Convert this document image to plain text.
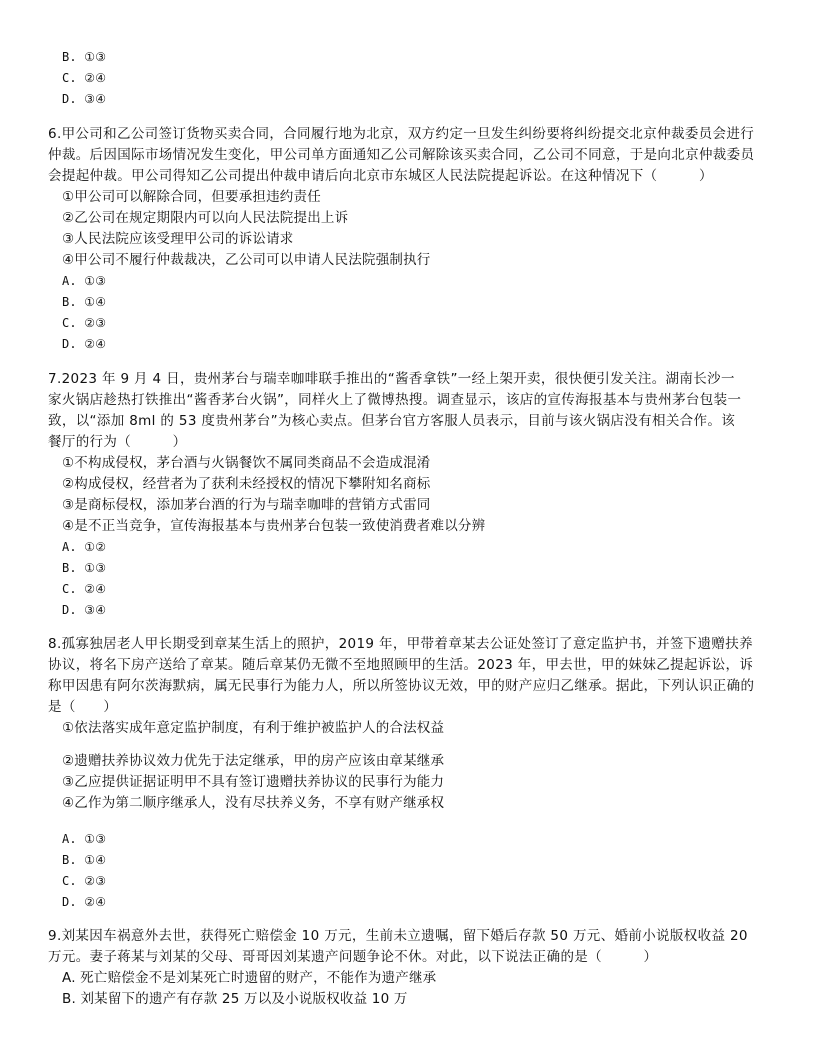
B. ①③
C. ②④
D. ③④
6.甲公司和乙公司签订货物买卖合同，合同履行地为北京，双方约定一旦发生纠纷要将纠纷提交北京仲裁委员会进行
仲裁。后因国际市场情况发生变化，甲公司单方面通知乙公司解除该买卖合同，乙公司不同意，于是向北京仲裁委员
会提起仲裁。甲公司得知乙公司提出仲裁申请后向北京市东城区人民法院提起诉讼。在这种情况下（　　　）
①甲公司可以解除合同，但要承担违约责任
②乙公司在规定期限内可以向人民法院提出上诉
③人民法院应该受理甲公司的诉讼请求
④甲公司不履行仲裁裁决，乙公司可以申请人民法院强制执行
A. ①③
B. ①④
C. ②③
D. ②④
7.2023 年 9 月 4 日，贵州茅台与瑞幸咖啡联手推出的“酱香拿铁”一经上架开卖，很快便引发关注。湖南长沙一
家火锅店趁热打铁推出“酱香茅台火锅”，同样火上了微博热搜。调查显示，该店的宣传海报基本与贵州茅台包装一
致，以“添加 8ml 的 53 度贵州茅台”为核心卖点。但茅台官方客服人员表示，目前与该火锅店没有相关合作。该
餐厅的行为（　　　）
①不构成侵权，茅台酒与火锅餐饮不属同类商品不会造成混淆
②构成侵权，经营者为了获利未经授权的情况下攀附知名商标
③是商标侵权，添加茅台酒的行为与瑞幸咖啡的营销方式雷同
④是不正当竞争，宣传海报基本与贵州茅台包装一致使消费者难以分辨
A. ①②
B. ①③
C. ②④
D. ③④
8.孤寡独居老人甲长期受到章某生活上的照护，2019 年，甲带着章某去公证处签订了意定监护书，并签下遗赠扶养
协议，将名下房产送给了章某。随后章某仍无微不至地照顾甲的生活。2023 年，甲去世，甲的妹妹乙提起诉讼，诉
称甲因患有阿尔茨海默病，属无民事行为能力人，所以所签协议无效，甲的财产应归乙继承。据此，下列认识正确的
是（　　）
①依法落实成年意定监护制度，有利于维护被监护人的合法权益
②遗赠扶养协议效力优先于法定继承，甲的房产应该由章某继承
③乙应提供证据证明甲不具有签订遗赠扶养协议的民事行为能力
④乙作为第二顺序继承人，没有尽扶养义务，不享有财产继承权
A. ①③
B. ①④
C. ②③
D. ②④
9.刘某因车祸意外去世，获得死亡赔偿金 10 万元，生前未立遗嘱，留下婚后存款 50 万元、婚前小说版权收益 20
万元。妻子蒋某与刘某的父母、哥哥因刘某遗产问题争论不休。对此，以下说法正确的是（　　　）
A. 死亡赔偿金不是刘某死亡时遗留的财产，不能作为遗产继承
B. 刘某留下的遗产有存款 25 万以及小说版权收益 10 万
